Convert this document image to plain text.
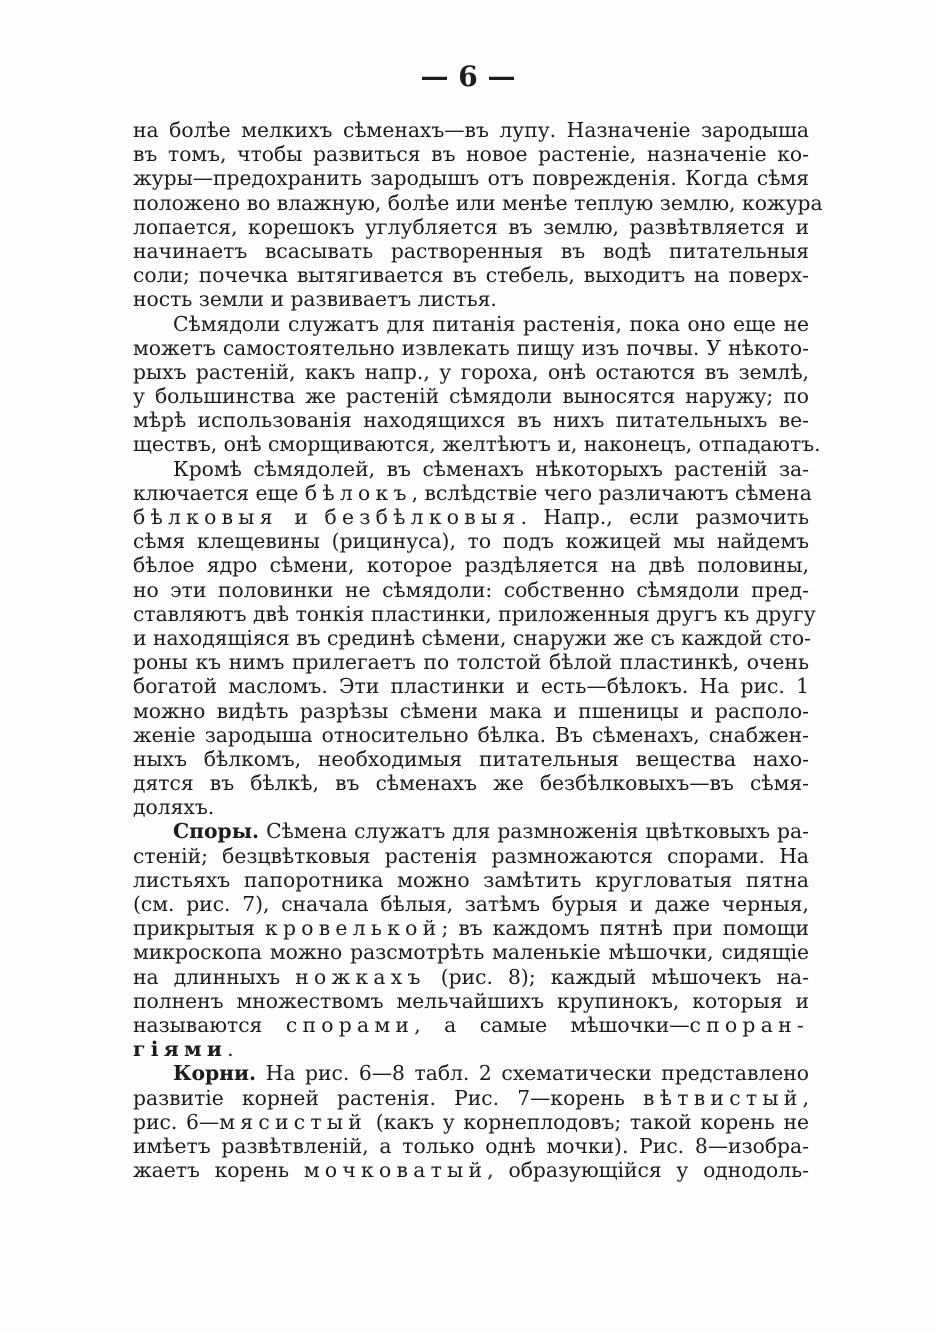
— 6 —
на болѣе мелкихъ сѣменахъ—въ лупу. Назначеніе зародыша
въ томъ, чтобы развиться въ новое растеніе, назначеніе ко-
журы—предохранить зародышъ отъ поврежденія. Когда сѣмя
положено во влажную, болѣе или менѣе теплую землю, кожура
лопается, корешокъ углубляется въ землю, развѣтвляется и
начинаетъ всасывать растворенныя въ водѣ питательныя
соли; почечка вытягивается въ стебель, выходитъ на поверх-
ность земли и развиваетъ листья.
Сѣмядоли служатъ для питанія растенія, пока оно еще не
можетъ самостоятельно извлекать пищу изъ почвы. У нѣкото-
рыхъ растеній, какъ напр., у гороха, онѣ остаются въ землѣ,
у большинства же растеній сѣмядоли выносятся наружу; по
мѣрѣ использованія находящихся въ нихъ питательныхъ ве-
ществъ, онѣ сморщиваются, желтѣютъ и, наконецъ, отпадаютъ.
Кромѣ сѣмядолей, въ сѣменахъ нѣкоторыхъ растеній за-
ключается еще бѣлокъ, вслѣдствіе чего различаютъ сѣмена
бѣлковыя и безбѣлковыя. Напр., если размочить
сѣмя клещевины (рицинуса), то подъ кожицей мы найдемъ
бѣлое ядро сѣмени, которое раздѣляется на двѣ половины,
но эти половинки не сѣмядоли: собственно сѣмядоли пред-
ставляютъ двѣ тонкія пластинки, приложенныя другъ къ другу
и находящіяся въ срединѣ сѣмени, снаружи же съ каждой сто-
роны къ нимъ прилегаетъ по толстой бѣлой пластинкѣ, очень
богатой масломъ. Эти пластинки и есть—бѣлокъ. На рис. 1
можно видѣть разрѣзы сѣмени мака и пшеницы и располо-
женіе зародыша относительно бѣлка. Въ сѣменахъ, снабжен-
ныхъ бѣлкомъ, необходимыя питательныя вещества нахо-
дятся въ бѣлкѣ, въ сѣменахъ же безбѣлковыхъ—въ сѣмя-
доляхъ.
Споры. Сѣмена служатъ для размноженія цвѣтковыхъ ра-
стеній; безцвѣтковыя растенія размножаются спорами. На
листьяхъ папоротника можно замѣтить кругловатыя пятна
(см. рис. 7), сначала бѣлыя, затѣмъ бурыя и даже черныя,
прикрытыя кровелькой; въ каждомъ пятнѣ при помощи
микроскопа можно разсмотрѣть маленькіе мѣшочки, сидящіе
на длинныхъ ножкахъ (рис. 8); каждый мѣшочекъ на-
полненъ множествомъ мельчайшихъ крупинокъ, которыя и
называются спорами, а самые мѣшочки—споран-
гіями.
Корни. На рис. 6—8 табл. 2 схематически представлено
развитіе корней растенія. Рис. 7—корень вѣтвистый,
рис. 6—мясистый (какъ у корнеплодовъ; такой корень не
имѣетъ развѣтвленій, а только однѣ мочки). Рис. 8—изобра-
жаетъ корень мочковатый, образующійся у однодоль-
